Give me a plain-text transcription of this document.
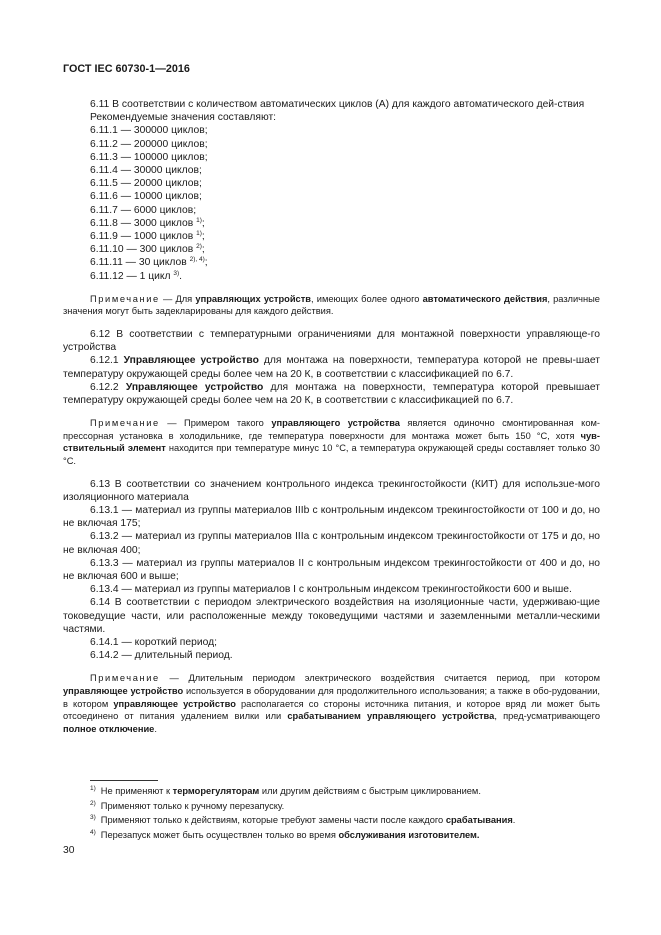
ГОСТ IEC 60730-1—2016

6.11 В соответствии с количеством автоматических циклов (A) для каждого автоматического дей-ствия

Рекомендуемые значения составляют:

6.11.1 — 300000 циклов;

6.11.2 — 200000 циклов;

6.11.3 — 100000 циклов;

6.11.4 — 30000 циклов;

6.11.5 — 20000 циклов;

6.11.6 — 10000 циклов;

6.11.7 — 6000 циклов;

6.11.8 — 3000 циклов $^{1)}$;

6.11.9 — 1000 циклов $^{1)}$;

6.11.10 — 300 циклов $^{2)}$;

6.11.11 — 30 циклов $^{2), 4)}$;

6.11.12 — 1 цикл $^{3)}$.

Примечание — Для управляющих устройств, имеющих более одного автоматического действия, различные значения могут быть задекларированы для каждого действия.

6.12 В соответствии с температурными ограничениями для монтажной поверхности управляюще-го устройства

6.12.1 Управляющее устройство для монтажа на поверхности, температура которой не превы-шает температуру окружающей среды более чем на 20 К, в соответствии с классификацией по 6.7.

6.12.2 Управляющее устройство для монтажа на поверхности, температура которой превышает температуру окружающей среды более чем на 20 К, в соответствии с классификацией по 6.7.

Примечание — Примером такого управляющего устройства является одиночно смонтированная ком-прессорная установка в холодильнике, где температура поверхности для монтажа может быть 150 °С, хотя чув-ствительный элемент находится при температуре минус 10 °С, а температура окружающей среды составляет только 30 °С.

6.13 В соответствии со значением контрольного индекса трекингостойкости (КИТ) для использue-мого изоляционного материала

6.13.1 — материал из группы материалов IIIb с контрольным индексом трекингостойкости от 100 и до, но не включая 175;

6.13.2 — материал из группы материалов IIIa с контрольным индексом трекингостойкости от 175 и до, но не включая 400;

6.13.3 — материал из группы материалов II с контрольным индексом трекингостойкости от 400 и до, но не включая 600 и выше;

6.13.4 — материал из группы материалов I с контрольным индексом трекингостойкости 600 и выше.

6.14 В соответствии с периодом электрического воздействия на изоляционные части, удерживаю-щие токоведущие части, или расположенные между токоведущими частями и заземленными металли-ческими частями.

6.14.1 — короткий период;

6.14.2 — длительный период.

Примечание — Длительным периодом электрического воздействия считается период, при котором управляющее устройство используется в оборудовании для продолжительного использования; а также в обо-рудовании, в котором управляющее устройство располагается со стороны источника питания, и которое вряд ли может быть отсоединено от питания удалением вилки или срабатыванием управляющего устройства, пред-усматривающего полное отключение.

$^{1)}$ Не применяют к терморегуляторам или другим действиям с быстрым циклированием.

$^{2)}$ Применяют только к ручному перезапуску.

$^{3)}$ Применяют только к действиям, которые требуют замены части после каждого срабатывания.

$^{4)}$ Перезапуск может быть осуществлен только во время обслуживания изготовителем.

30
